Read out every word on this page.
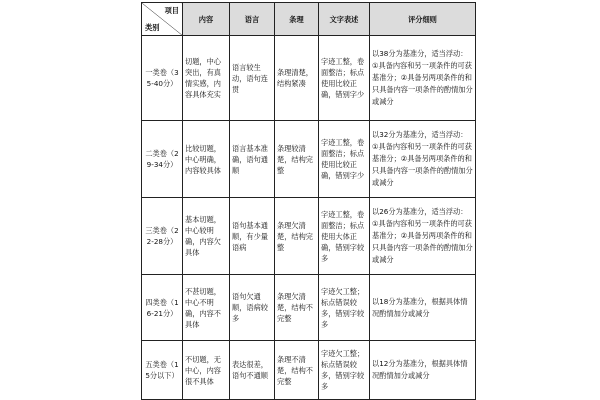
项目
类别	内容	语言	条理	文字表述	评分细则
一类卷（35-40分）	切题，中心突出，有真情实感，内容具体充实	语言较生动，语句连贯	条理清楚，结构紧凑	字迹工整，卷面整洁；标点使用比较正确，错别字少	以38分为基准分，适当浮动：①具备内容和另一项条件的可获基准分；②具备另两项条件的和只具备内容一项条件的酌情加分或减分
二类卷（29-34分）	比较切题，中心明确，内容较具体	语言基本准确，语句通顺	条理较清楚，结构完整	字迹工整，卷面整洁；标点使用比较正确，错别字少	以32分为基准分，适当浮动：①具备内容和另一项条件的可获基准分；②具备另两项条件的和只具备内容一项条件的酌情加分或减分
三类卷（22-28分）	基本切题，中心较明确，内容欠具体	语句基本通顺，有少量语病	条理欠清楚，结构完整	字迹工整，卷面整洁；标点使用大体正确，错别字较多	以26分为基准分，适当浮动：①具备内容和另一项条件的可获基准分；②具备另两项条件的和只具备内容一项条件的酌情加分或减分
四类卷（16-21分）	不甚切题，中心不明确，内容不具体	语句欠通顺，语病较多	条理欠清楚，结构不完整	字迹欠工整；标点错误较多，错别字较多	以18分为基准分，根据具体情况酌情加分或减分
五类卷（15分以下）	不切题，无中心，内容很不具体	表达很差，语句不通顺	条理不清楚，结构不完整	字迹欠工整；标点错误较多，错别字较多	以12分为基准分，根据具体情况酌情加分或减分
